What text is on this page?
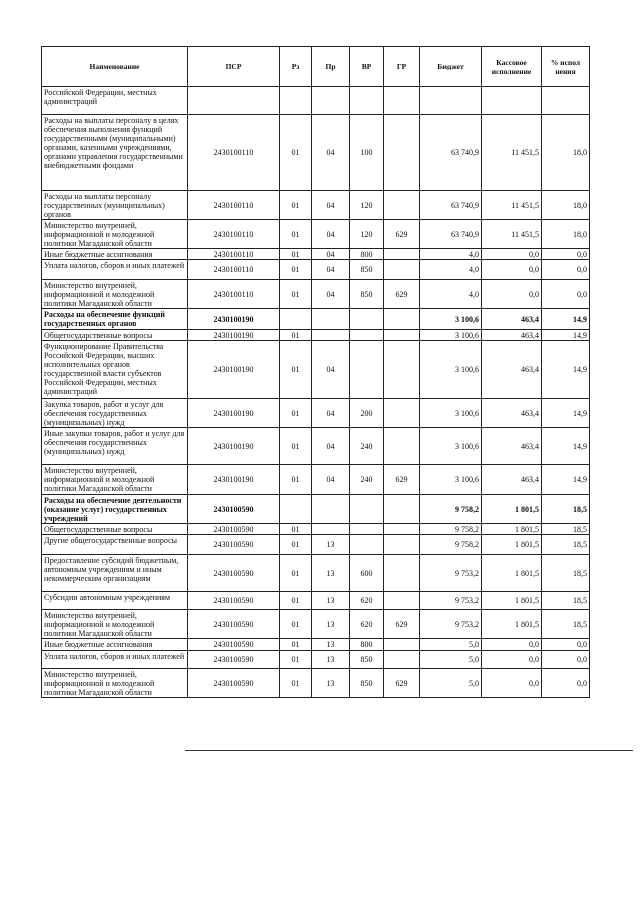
Наименование	ПСР	Рз	Пр	ВР	ГР	Бюджет	Кассовое исполнение	% испол нения
Российской Федерации, местных администраций								
Расходы на выплаты персоналу в целях обеспечения выполнения функций государственными (муниципальными) органами, казенными учреждениями, органами управления государственными внебюджетными фондами	2430100110	01	04	100		63 740,9	11 451,5	18,0
Расходы на выплаты персоналу государственных (муниципальных) органов	2430100110	01	04	120		63 740,9	11 451,5	18,0
Министерство внутренней, информационной и молодежной политики Магаданской области	2430100110	01	04	120	629	63 740,9	11 451,5	18,0
Иные бюджетные ассигнования	2430100110	01	04	800		4,0	0,0	0,0
Уплата налогов, сборов и иных платежей	2430100110	01	04	850		4,0	0,0	0,0
Министерство внутренней, информационной и молодежной политики Магаданской области	2430100110	01	04	850	629	4,0	0,0	0,0
Расходы на обеспечение функций государственных органов	2430100190					3 100,6	463,4	14,9
Общегосударственные вопросы	2430100190	01				3 100,6	463,4	14,9
Функционирование Правительства Российской Федерации, высших исполнительных органов государственной власти субъектов Российской Федерации, местных администраций	2430100190	01	04			3 100,6	463,4	14,9
Закупка товаров, работ и услуг для обеспечения государственных (муниципальных) нужд	2430100190	01	04	200		3 100,6	463,4	14,9
Иные закупки товаров, работ и услуг для обеспечения государственных (муниципальных) нужд	2430100190	01	04	240		3 100,6	463,4	14,9
Министерство внутренней, информационной и молодежной политики Магаданской области	2430100190	01	04	240	629	3 100,6	463,4	14,9
Расходы на обеспечение деятельности (оказание услуг) государственных учреждений	2430100590					9 758,2	1 801,5	18,5
Общегосударственные вопросы	2430100590	01				9 758,2	1 801,5	18,5
Другие общегосударственные вопросы	2430100590	01	13			9 758,2	1 801,5	18,5
Предоставление субсидий бюджетным, автономным учреждениям и иным некоммерческим организациям	2430100590	01	13	600		9 753,2	1 801,5	18,5
Субсидии автономным учреждениям	2430100590	01	13	620		9 753,2	1 801,5	18,5
Министерство внутренней, информационной и молодежной политики Магаданской области	2430100590	01	13	620	629	9 753,2	1 801,5	18,5
Иные бюджетные ассигнования	2430100590	01	13	800		5,0	0,0	0,0
Уплата налогов, сборов и иных платежей	2430100590	01	13	850		5,0	0,0	0,0
Министерство внутренней, информационной и молодежной политики Магаданской области	2430100590	01	13	850	629	5,0	0,0	0,0
